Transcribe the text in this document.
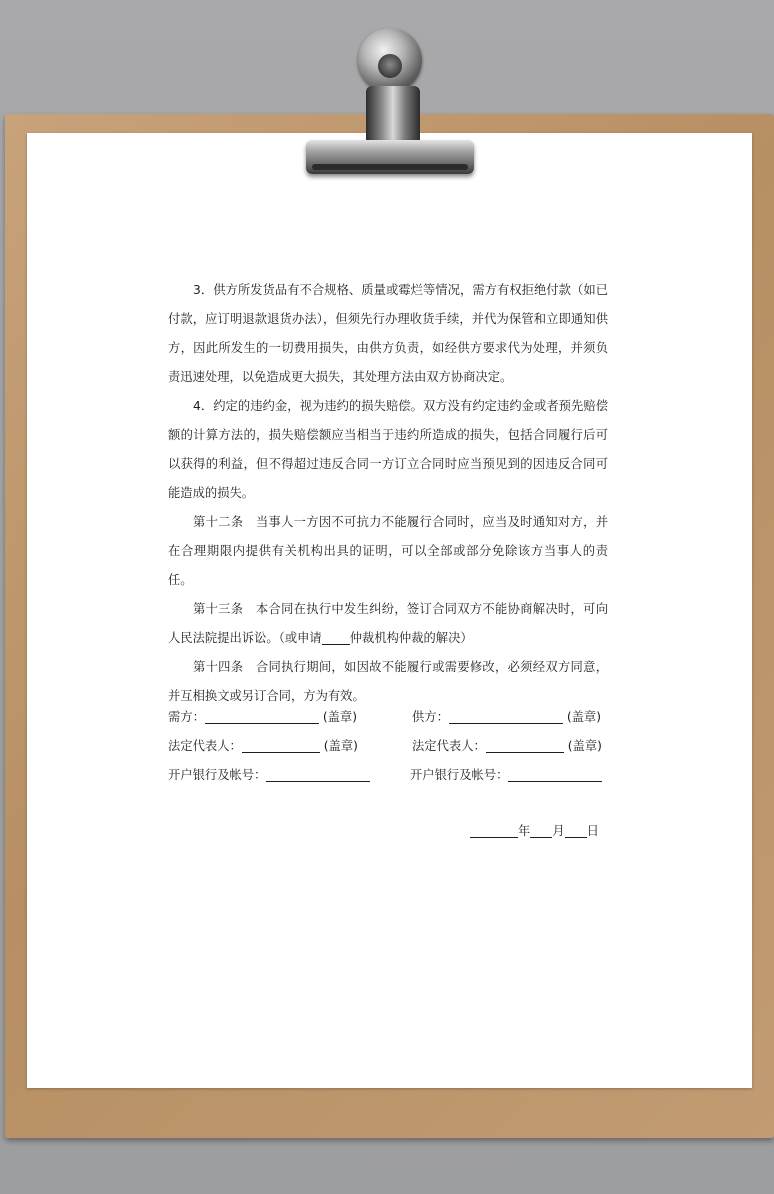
3．供方所发货品有不合规格、质量或霉烂等情况，需方有权拒绝付款（如已付款，应订明退款退货办法），但须先行办理收货手续，并代为保管和立即通知供方，因此所发生的一切费用损失，由供方负责，如经供方要求代为处理，并须负责迅速处理，以免造成更大损失，其处理方法由双方协商决定。

4．约定的违约金，视为违约的损失赔偿。双方没有约定违约金或者预先赔偿额的计算方法的，损失赔偿额应当相当于违约所造成的损失，包括合同履行后可以获得的利益，但不得超过违反合同一方订立合同时应当预见到的因违反合同可能造成的损失。

第十二条　当事人一方因不可抗力不能履行合同时，应当及时通知对方，并在合理期限内提供有关机构出具的证明，可以全部或部分免除该方当事人的责任。

第十三条　本合同在执行中发生纠纷，签订合同双方不能协商解决时，可向人民法院提出诉讼。（或申请 仲裁机构仲裁的解决）

第十四条　合同执行期间，如因故不能履行或需要修改，必须经双方同意，并互相换文或另订合同，方为有效。

需方：	(盖章)	供方：	(盖章)
法定代表人：	(盖章)	法定代表人：	(盖章)
开户银行及帐号：	开户银行及帐号：
年 月 日
